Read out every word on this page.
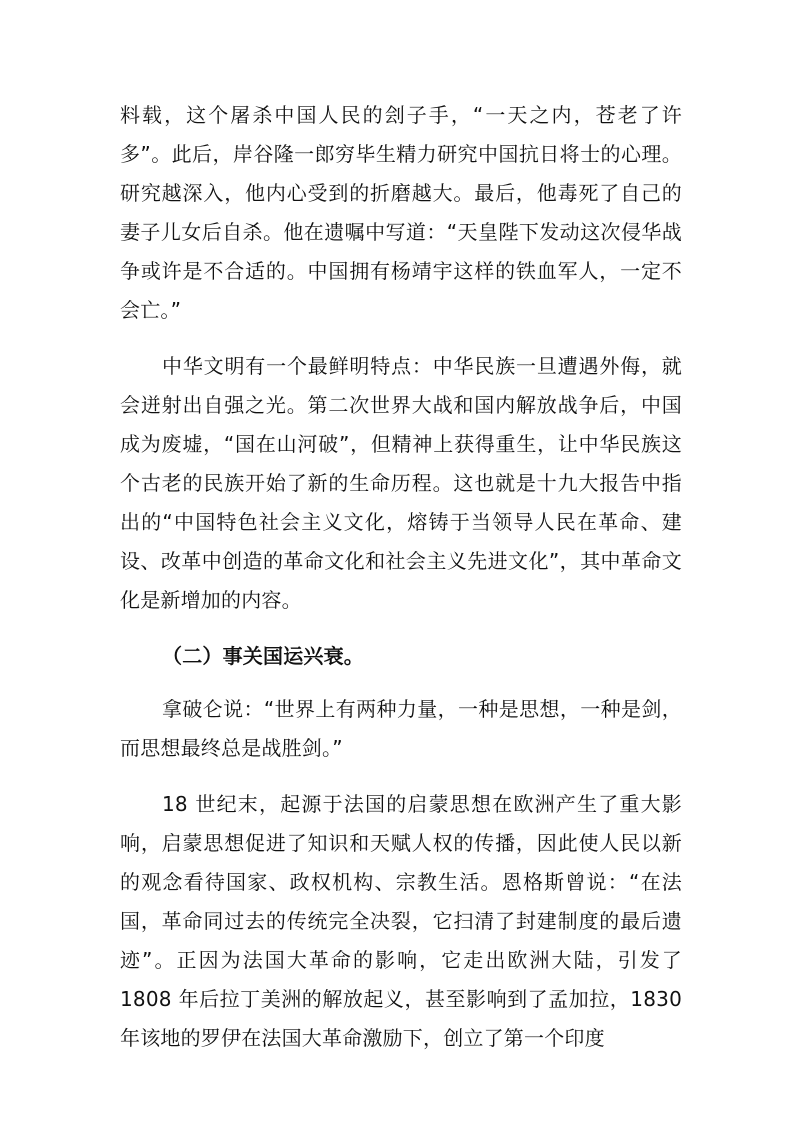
料载，这个屠杀中国人民的刽子手，“一天之内，苍老了许多”。此后，岸谷隆一郎穷毕生精力研究中国抗日将士的心理。研究越深入，他内心受到的折磨越大。最后，他毒死了自己的妻子儿女后自杀。他在遗嘱中写道：“天皇陛下发动这次侵华战争或许是不合适的。中国拥有杨靖宇这样的铁血军人，一定不会亡。”

中华文明有一个最鲜明特点：中华民族一旦遭遇外侮，就会迸射出自强之光。第二次世界大战和国内解放战争后，中国成为废墟，“国在山河破”，但精神上获得重生，让中华民族这个古老的民族开始了新的生命历程。这也就是十九大报告中指出的“中国特色社会主义文化，熔铸于当领导人民在革命、建设、改革中创造的革命文化和社会主义先进文化”，其中革命文化是新增加的内容。

（二）事关国运兴衰。

拿破仑说：“世界上有两种力量，一种是思想，一种是剑，而思想最终总是战胜剑。”

18 世纪末，起源于法国的启蒙思想在欧洲产生了重大影响，启蒙思想促进了知识和天赋人权的传播，因此使人民以新的观念看待国家、政权机构、宗教生活。恩格斯曾说：“在法国，革命同过去的传统完全决裂，它扫清了封建制度的最后遗迹”。正因为法国大革命的影响，它走出欧洲大陆，引发了 1808 年后拉丁美洲的解放起义，甚至影响到了孟加拉，1830 年该地的罗伊在法国大革命激励下，创立了第一个印度
